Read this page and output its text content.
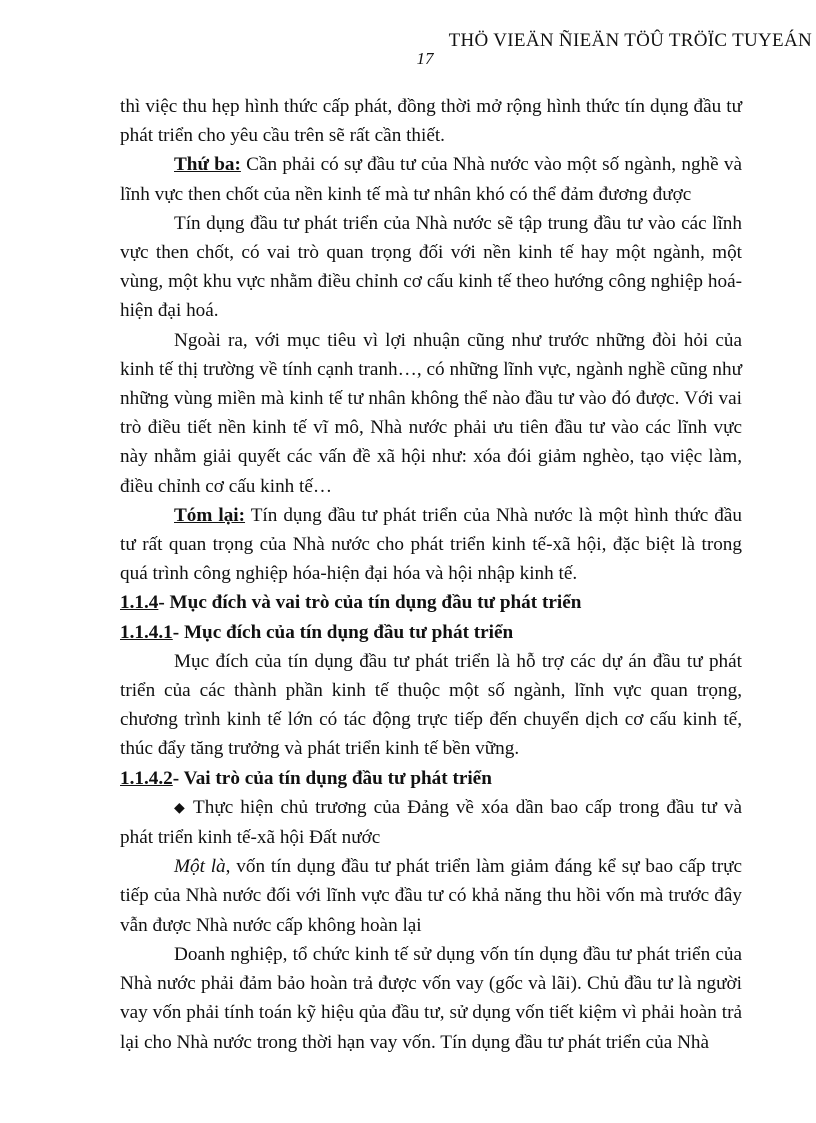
THÖ VIEÄN ÑIEÄN TÖÛ TRÖÏC TUYEÁN
17

thì việc thu hẹp hình thức cấp phát, đồng thời mở rộng hình thức tín dụng đầu tư phát triển cho yêu cầu trên sẽ rất cần thiết.

Thứ ba: Cần phải có sự đầu tư của Nhà nước vào một số ngành, nghề và lĩnh vực then chốt của nền kinh tế mà tư nhân khó có thể đảm đương được

Tín dụng đầu tư phát triển của Nhà nước sẽ tập trung đầu tư vào các lĩnh vực then chốt, có vai trò quan trọng đối với nền kinh tế hay một ngành, một vùng, một khu vực nhằm điều chỉnh cơ cấu kinh tế theo hướng công nghiệp hoá-hiện đại hoá.

Ngoài ra, với mục tiêu vì lợi nhuận cũng như trước những đòi hỏi của kinh tế thị trường về tính cạnh tranh…, có những lĩnh vực, ngành nghề cũng như những vùng miền mà kinh tế tư nhân không thể nào đầu tư vào đó được. Với vai trò điều tiết nền kinh tế vĩ mô, Nhà nước phải ưu tiên đầu tư vào các lĩnh vực này nhằm giải quyết các vấn đề xã hội như: xóa đói giảm nghèo, tạo việc làm, điều chỉnh cơ cấu kinh tế…

Tóm lại: Tín dụng đầu tư phát triển của Nhà nước là một hình thức đầu tư rất quan trọng của Nhà nước cho phát triển kinh tế-xã hội, đặc biệt là trong quá trình công nghiệp hóa-hiện đại hóa và hội nhập kinh tế.

1.1.4- Mục đích và vai trò của tín dụng đầu tư phát triển

1.1.4.1- Mục đích của tín dụng đầu tư phát triển

Mục đích của tín dụng đầu tư phát triển là hỗ trợ các dự án đầu tư phát triển của các thành phần kinh tế thuộc một số ngành, lĩnh vực quan trọng, chương trình kinh tế lớn có tác động trực tiếp đến chuyển dịch cơ cấu kinh tế, thúc đẩy tăng trưởng và phát triển kinh tế bền vững.

1.1.4.2- Vai trò của tín dụng đầu tư phát triển

◆ Thực hiện chủ trương của Đảng về xóa dần bao cấp trong đầu tư và phát triển kinh tế-xã hội Đất nước

Một là, vốn tín dụng đầu tư phát triển làm giảm đáng kể sự bao cấp trực tiếp của Nhà nước đối với lĩnh vực đầu tư có khả năng thu hồi vốn mà trước đây vẫn được Nhà nước cấp không hoàn lại

Doanh nghiệp, tổ chức kinh tế sử dụng vốn tín dụng đầu tư phát triển của Nhà nước phải đảm bảo hoàn trả được vốn vay (gốc và lãi). Chủ đầu tư là người vay vốn phải tính toán kỹ hiệu qủa đầu tư, sử dụng vốn tiết kiệm vì phải hoàn trả lại cho Nhà nước trong thời hạn vay vốn. Tín dụng đầu tư phát triển của Nhà
